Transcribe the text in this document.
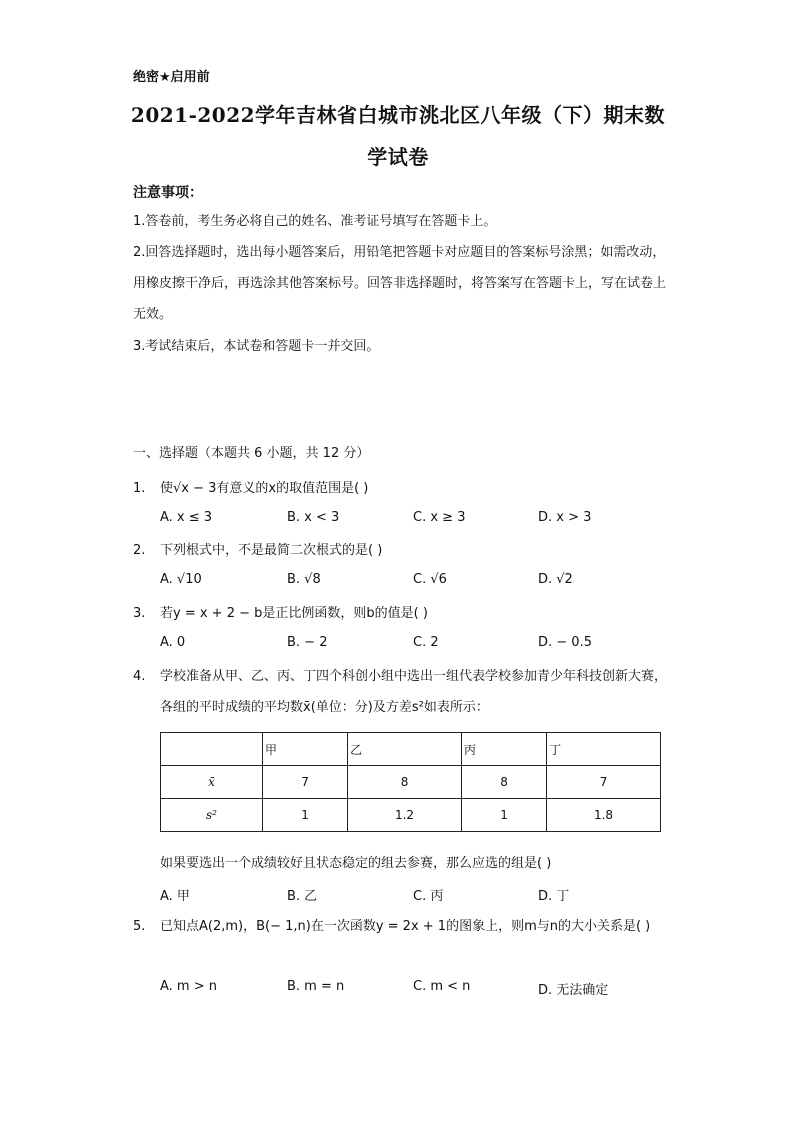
绝密★启用前
2021-2022学年吉林省白城市洮北区八年级（下）期末数
学试卷
注意事项：
1.答卷前，考生务必将自己的姓名、准考证号填写在答题卡上。
2.回答选择题时，选出每小题答案后，用铅笔把答题卡对应题目的答案标号涂黑；如需改动，用橡皮擦干净后，再选涂其他答案标号。回答非选择题时，将答案写在答题卡上，写在试卷上无效。
3.考试结束后，本试卷和答题卡一并交回。
一、选择题（本题共 6 小题，共 12 分）
1. 使√x − 3有意义的x的取值范围是( )
A. x ≤ 3	B. x < 3	C. x ≥ 3	D. x > 3
2. 下列根式中，不是最简二次根式的是( )
A. √10	B. √8	C. √6	D. √2
3. 若y = x + 2 − b是正比例函数，则b的值是( )
A. 0	B. − 2	C. 2	D. − 0.5
4. 学校准备从甲、乙、丙、丁四个科创小组中选出一组代表学校参加青少年科技创新大赛，各组的平时成绩的平均数x̄(单位：分)及方差s²如表所示：
	甲	乙	丙	丁
x̄	7	8	8	7
s²	1	1.2	1	1.8
如果要选出一个成绩较好且状态稳定的组去参赛，那么应选的组是( )
A. 甲	B. 乙	C. 丙	D. 丁
5. 已知点A(2,m)，B(− 1,n)在一次函数y = 2x + 1的图象上，则m与n的大小关系是( )
A. m > n	B. m = n	C. m < n	D. 无法确定
